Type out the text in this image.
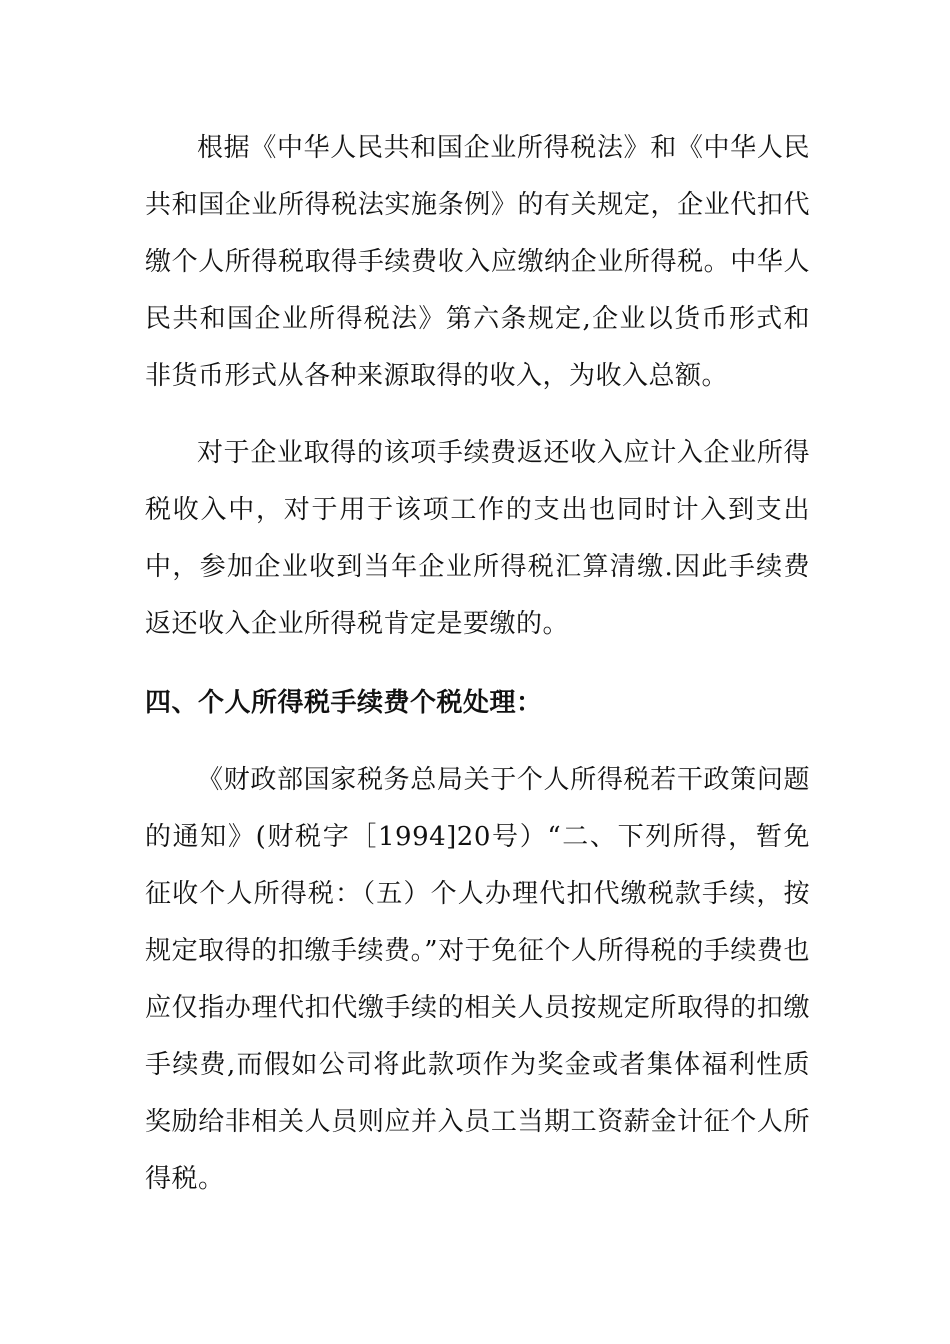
根据《中华人民共和国企业所得税法》和《中华人民共和国企业所得税法实施条例》的有关规定，企业代扣代缴个人所得税取得手续费收入应缴纳企业所得税。中华人民共和国企业所得税法》第六条规定,企业以货币形式和非货币形式从各种来源取得的收入，为收入总额。

对于企业取得的该项手续费返还收入应计入企业所得税收入中，对于用于该项工作的支出也同时计入到支出中，参加企业收到当年企业所得税汇算清缴.因此手续费返还收入企业所得税肯定是要缴的。

四、个人所得税手续费个税处理：

《财政部国家税务总局关于个人所得税若干政策问题的通知》(财税字［1994]20号）“二、下列所得，暂免征收个人所得税：（五）个人办理代扣代缴税款手续，按规定取得的扣缴手续费。”对于免征个人所得税的手续费也应仅指办理代扣代缴手续的相关人员按规定所取得的扣缴手续费,而假如公司将此款项作为奖金或者集体福利性质奖励给非相关人员则应并入员工当期工资薪金计征个人所得税。
